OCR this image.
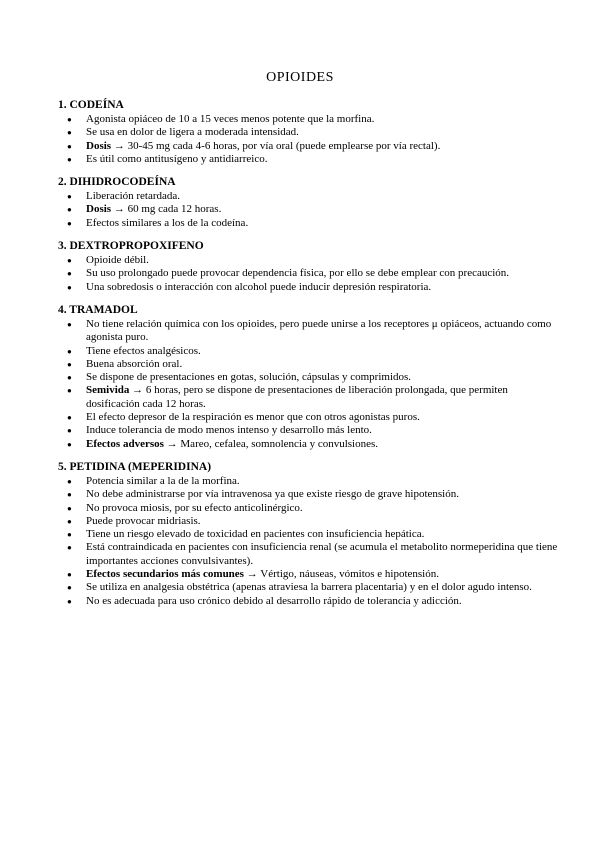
OPIOIDES
1. CODEÍNA
● Agonista opiáceo de 10 a 15 veces menos potente que la morfina.
● Se usa en dolor de ligera a moderada intensidad.
● Dosis → 30-45 mg cada 4-6 horas, por vía oral (puede emplearse por vía rectal).
● Es útil como antitusígeno y antidiarreico.
2. DIHIDROCODEÍNA
● Liberación retardada.
● Dosis → 60 mg cada 12 horas.
● Efectos similares a los de la codeína.
3. DEXTROPROPOXIFENO
● Opioide débil.
● Su uso prolongado puede provocar dependencia física, por ello se debe emplear con precaución.
● Una sobredosis o interacción con alcohol puede inducir depresión respiratoria.
4. TRAMADOL
● No tiene relación química con los opioides, pero puede unirse a los receptores μ opiáceos, actuando como agonista puro.
● Tiene efectos analgésicos.
● Buena absorción oral.
● Se dispone de presentaciones en gotas, solución, cápsulas y comprimidos.
● Semivida → 6 horas, pero se dispone de presentaciones de liberación prolongada, que permiten dosificación cada 12 horas.
● El efecto depresor de la respiración es menor que con otros agonistas puros.
● Induce tolerancia de modo menos intenso y desarrollo más lento.
● Efectos adversos → Mareo, cefalea, somnolencia y convulsiones.
5. PETIDINA (MEPERIDINA)
● Potencia similar a la de la morfina.
● No debe administrarse por vía intravenosa ya que existe riesgo de grave hipotensión.
● No provoca miosis, por su efecto anticolinérgico.
● Puede provocar midriasis.
● Tiene un riesgo elevado de toxicidad en pacientes con insuficiencia hepática.
● Está contraindicada en pacientes con insuficiencia renal (se acumula el metabolito normeperidina que tiene importantes acciones convulsivantes).
● Efectos secundarios más comunes → Vértigo, náuseas, vómitos e hipotensión.
● Se utiliza en analgesia obstétrica (apenas atraviesa la barrera placentaria) y en el dolor agudo intenso.
● No es adecuada para uso crónico debido al desarrollo rápido de tolerancia y adicción.
